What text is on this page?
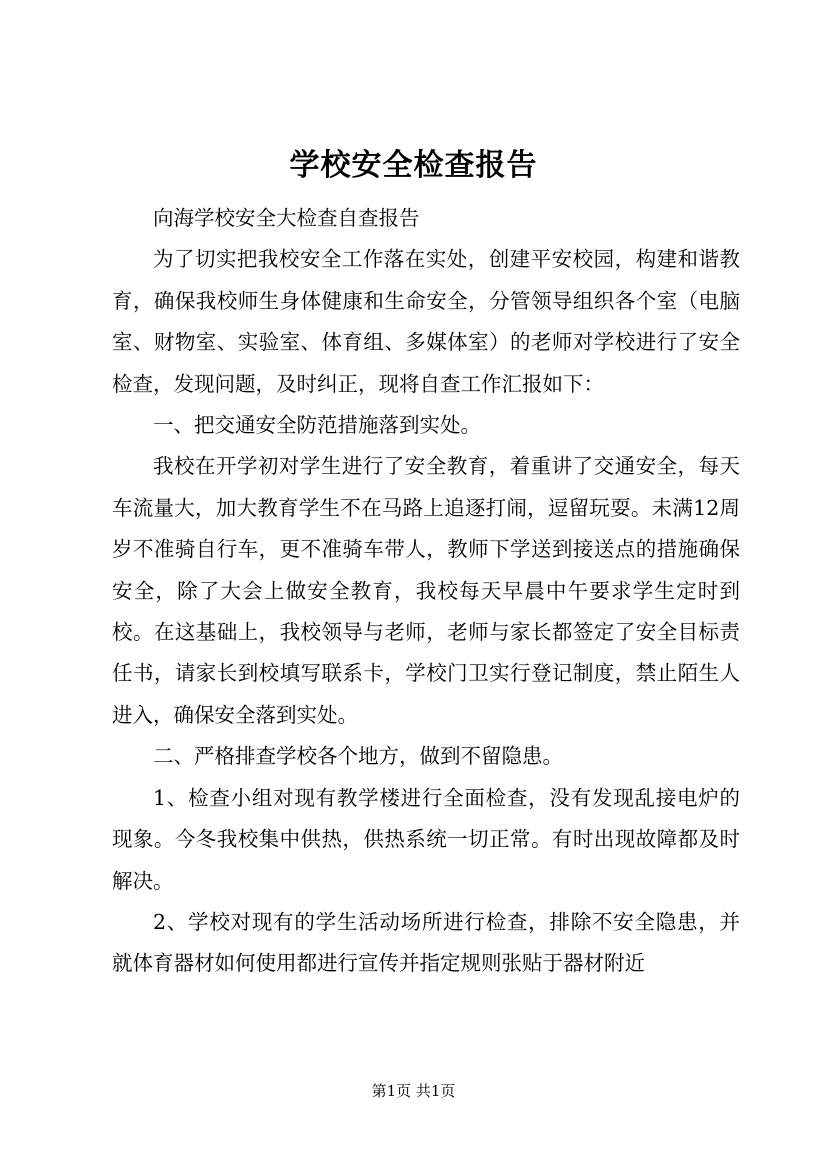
学校安全检查报告

向海学校安全大检查自查报告

为了切实把我校安全工作落在实处，创建平安校园，构建和谐教育，确保我校师生身体健康和生命安全，分管领导组织各个室（电脑室、财物室、实验室、体育组、多媒体室）的老师对学校进行了安全检查，发现问题，及时纠正，现将自查工作汇报如下：

一、把交通安全防范措施落到实处。

我校在开学初对学生进行了安全教育，着重讲了交通安全，每天车流量大，加大教育学生不在马路上追逐打闹，逗留玩耍。未满12周岁不准骑自行车，更不准骑车带人，教师下学送到接送点的措施确保安全，除了大会上做安全教育，我校每天早晨中午要求学生定时到校。在这基础上，我校领导与老师，老师与家长都签定了安全目标责任书，请家长到校填写联系卡，学校门卫实行登记制度，禁止陌生人进入，确保安全落到实处。

二、严格排查学校各个地方，做到不留隐患。

1、检查小组对现有教学楼进行全面检查，没有发现乱接电炉的现象。今冬我校集中供热，供热系统一切正常。有时出现故障都及时解决。

2、学校对现有的学生活动场所进行检查，排除不安全隐患，并就体育器材如何使用都进行宣传并指定规则张贴于器材附近

第1页 共1页
